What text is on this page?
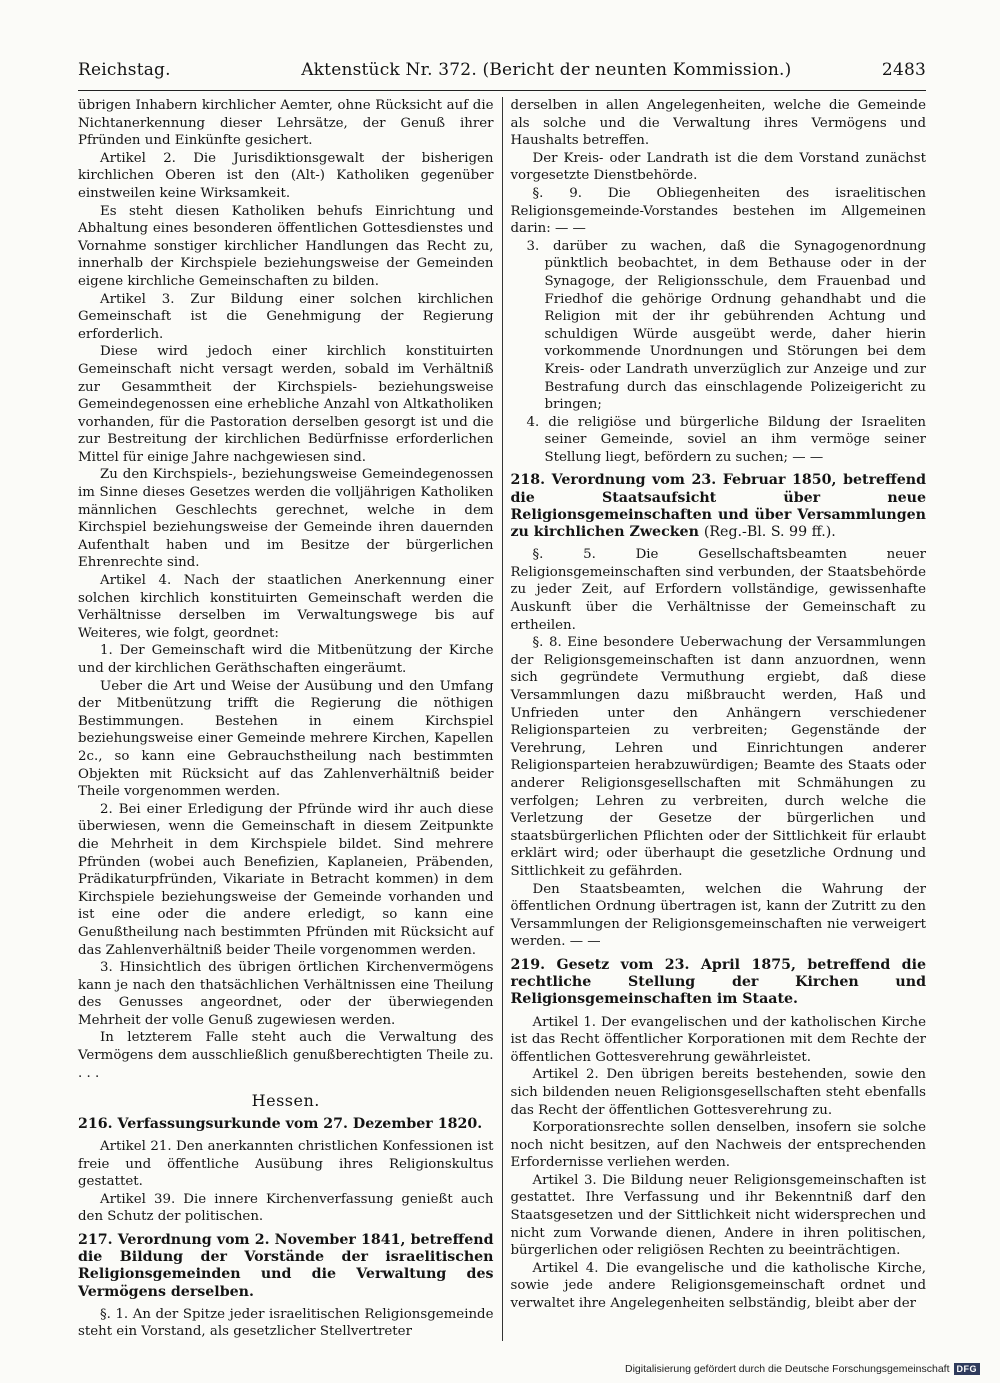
Reichstag.	Aktenstück Nr. 372. (Bericht der neunten Kommission.)	2483

übrigen Inhabern kirchlicher Aemter, ohne Rücksicht auf die Nichtanerkennung dieser Lehrsätze, der Genuß ihrer Pfründen und Einkünfte gesichert.

Artikel 2. Die Jurisdiktionsgewalt der bisherigen kirchlichen Oberen ist den (Alt-) Katholiken gegenüber einstweilen keine Wirksamkeit.

Es steht diesen Katholiken behufs Einrichtung und Abhaltung eines besonderen öffentlichen Gottesdienstes und Vornahme sonstiger kirchlicher Handlungen das Recht zu, innerhalb der Kirchspiele beziehungsweise der Gemeinden eigene kirchliche Gemeinschaften zu bilden.

Artikel 3. Zur Bildung einer solchen kirchlichen Gemeinschaft ist die Genehmigung der Regierung erforderlich.

Diese wird jedoch einer kirchlich konstituirten Gemeinschaft nicht versagt werden, sobald im Verhältniß zur Gesammtheit der Kirchspiels- beziehungsweise Gemeindegenossen eine erhebliche Anzahl von Altkatholiken vorhanden, für die Pastoration derselben gesorgt ist und die zur Bestreitung der kirchlichen Bedürfnisse erforderlichen Mittel für einige Jahre nachgewiesen sind.

Zu den Kirchspiels-, beziehungsweise Gemeindegenossen im Sinne dieses Gesetzes werden die volljährigen Katholiken männlichen Geschlechts gerechnet, welche in dem Kirchspiel beziehungsweise der Gemeinde ihren dauernden Aufenthalt haben und im Besitze der bürgerlichen Ehrenrechte sind.

Artikel 4. Nach der staatlichen Anerkennung einer solchen kirchlich konstituirten Gemeinschaft werden die Verhältnisse derselben im Verwaltungswege bis auf Weiteres, wie folgt, geordnet:

1. Der Gemeinschaft wird die Mitbenützung der Kirche und der kirchlichen Geräthschaften eingeräumt.

Ueber die Art und Weise der Ausübung und den Umfang der Mitbenützung trifft die Regierung die nöthigen Bestimmungen. Bestehen in einem Kirchspiel beziehungsweise einer Gemeinde mehrere Kirchen, Kapellen 2c., so kann eine Gebrauchstheilung nach bestimmten Objekten mit Rücksicht auf das Zahlenverhältniß beider Theile vorgenommen werden.

2. Bei einer Erledigung der Pfründe wird ihr auch diese überwiesen, wenn die Gemeinschaft in diesem Zeitpunkte die Mehrheit in dem Kirchspiele bildet. Sind mehrere Pfründen (wobei auch Benefizien, Kaplaneien, Präbenden, Prädikaturpfründen, Vikariate in Betracht kommen) in dem Kirchspiele beziehungsweise der Gemeinde vorhanden und ist eine oder die andere erledigt, so kann eine Genußtheilung nach bestimmten Pfründen mit Rücksicht auf das Zahlenverhältniß beider Theile vorgenommen werden.

3. Hinsichtlich des übrigen örtlichen Kirchenvermögens kann je nach den thatsächlichen Verhältnissen eine Theilung des Genusses angeordnet, oder der überwiegenden Mehrheit der volle Genuß zugewiesen werden.

In letzterem Falle steht auch die Verwaltung des Vermögens dem ausschließlich genußberechtigten Theile zu. . . .

Hessen.
216. Verfassungsurkunde vom 27. Dezember 1820.

Artikel 21. Den anerkannten christlichen Konfessionen ist freie und öffentliche Ausübung ihres Religionskultus gestattet.

Artikel 39. Die innere Kirchenverfassung genießt auch den Schutz der politischen.

217. Verordnung vom 2. November 1841, betreffend die Bildung der Vorstände der israelitischen Religionsgemeinden und die Verwaltung des Vermögens derselben.

§. 1. An der Spitze jeder israelitischen Religionsgemeinde steht ein Vorstand, als gesetzlicher Stellvertreter

derselben in allen Angelegenheiten, welche die Gemeinde als solche und die Verwaltung ihres Vermögens und Haushalts betreffen.

Der Kreis- oder Landrath ist die dem Vorstand zunächst vorgesetzte Dienstbehörde.

§. 9. Die Obliegenheiten des israelitischen Religionsgemeinde-Vorstandes bestehen im Allgemeinen darin: — —

3. darüber zu wachen, daß die Synagogenordnung pünktlich beobachtet, in dem Bethause oder in der Synagoge, der Religionsschule, dem Frauenbad und Friedhof die gehörige Ordnung gehandhabt und die Religion mit der ihr gebührenden Achtung und schuldigen Würde ausgeübt werde, daher hierin vorkommende Unordnungen und Störungen bei dem Kreis- oder Landrath unverzüglich zur Anzeige und zur Bestrafung durch das einschlagende Polizeigericht zu bringen;

4. die religiöse und bürgerliche Bildung der Israeliten seiner Gemeinde, soviel an ihm vermöge seiner Stellung liegt, befördern zu suchen; — —

218. Verordnung vom 23. Februar 1850, betreffend die Staatsaufsicht über neue Religionsgemeinschaften und über Versammlungen zu kirchlichen Zwecken (Reg.-Bl. S. 99 ff.).

§. 5. Die Gesellschaftsbeamten neuer Religionsgemeinschaften sind verbunden, der Staatsbehörde zu jeder Zeit, auf Erfordern vollständige, gewissenhafte Auskunft über die Verhältnisse der Gemeinschaft zu ertheilen.

§. 8. Eine besondere Ueberwachung der Versammlungen der Religionsgemeinschaften ist dann anzuordnen, wenn sich gegründete Vermuthung ergiebt, daß diese Versammlungen dazu mißbraucht werden, Haß und Unfrieden unter den Anhängern verschiedener Religionsparteien zu verbreiten; Gegenstände der Verehrung, Lehren und Einrichtungen anderer Religionsparteien herabzuwürdigen; Beamte des Staats oder anderer Religionsgesellschaften mit Schmähungen zu verfolgen; Lehren zu verbreiten, durch welche die Verletzung der Gesetze der bürgerlichen und staatsbürgerlichen Pflichten oder der Sittlichkeit für erlaubt erklärt wird; oder überhaupt die gesetzliche Ordnung und Sittlichkeit zu gefährden.

Den Staatsbeamten, welchen die Wahrung der öffentlichen Ordnung übertragen ist, kann der Zutritt zu den Versammlungen der Religionsgemeinschaften nie verweigert werden. — —

219. Gesetz vom 23. April 1875, betreffend die rechtliche Stellung der Kirchen und Religionsgemeinschaften im Staate.

Artikel 1. Der evangelischen und der katholischen Kirche ist das Recht öffentlicher Korporationen mit dem Rechte der öffentlichen Gottesverehrung gewährleistet.

Artikel 2. Den übrigen bereits bestehenden, sowie den sich bildenden neuen Religionsgesellschaften steht ebenfalls das Recht der öffentlichen Gottesverehrung zu.

Korporationsrechte sollen denselben, insofern sie solche noch nicht besitzen, auf den Nachweis der entsprechenden Erfordernisse verliehen werden.

Artikel 3. Die Bildung neuer Religionsgemeinschaften ist gestattet. Ihre Verfassung und ihr Bekenntniß darf den Staatsgesetzen und der Sittlichkeit nicht widersprechen und nicht zum Vorwande dienen, Andere in ihren politischen, bürgerlichen oder religiösen Rechten zu beeinträchtigen.

Artikel 4. Die evangelische und die katholische Kirche, sowie jede andere Religionsgemeinschaft ordnet und verwaltet ihre Angelegenheiten selbständig, bleibt aber der

Digitalisierung gefördert durch die Deutsche Forschungsgemeinschaft DFG
